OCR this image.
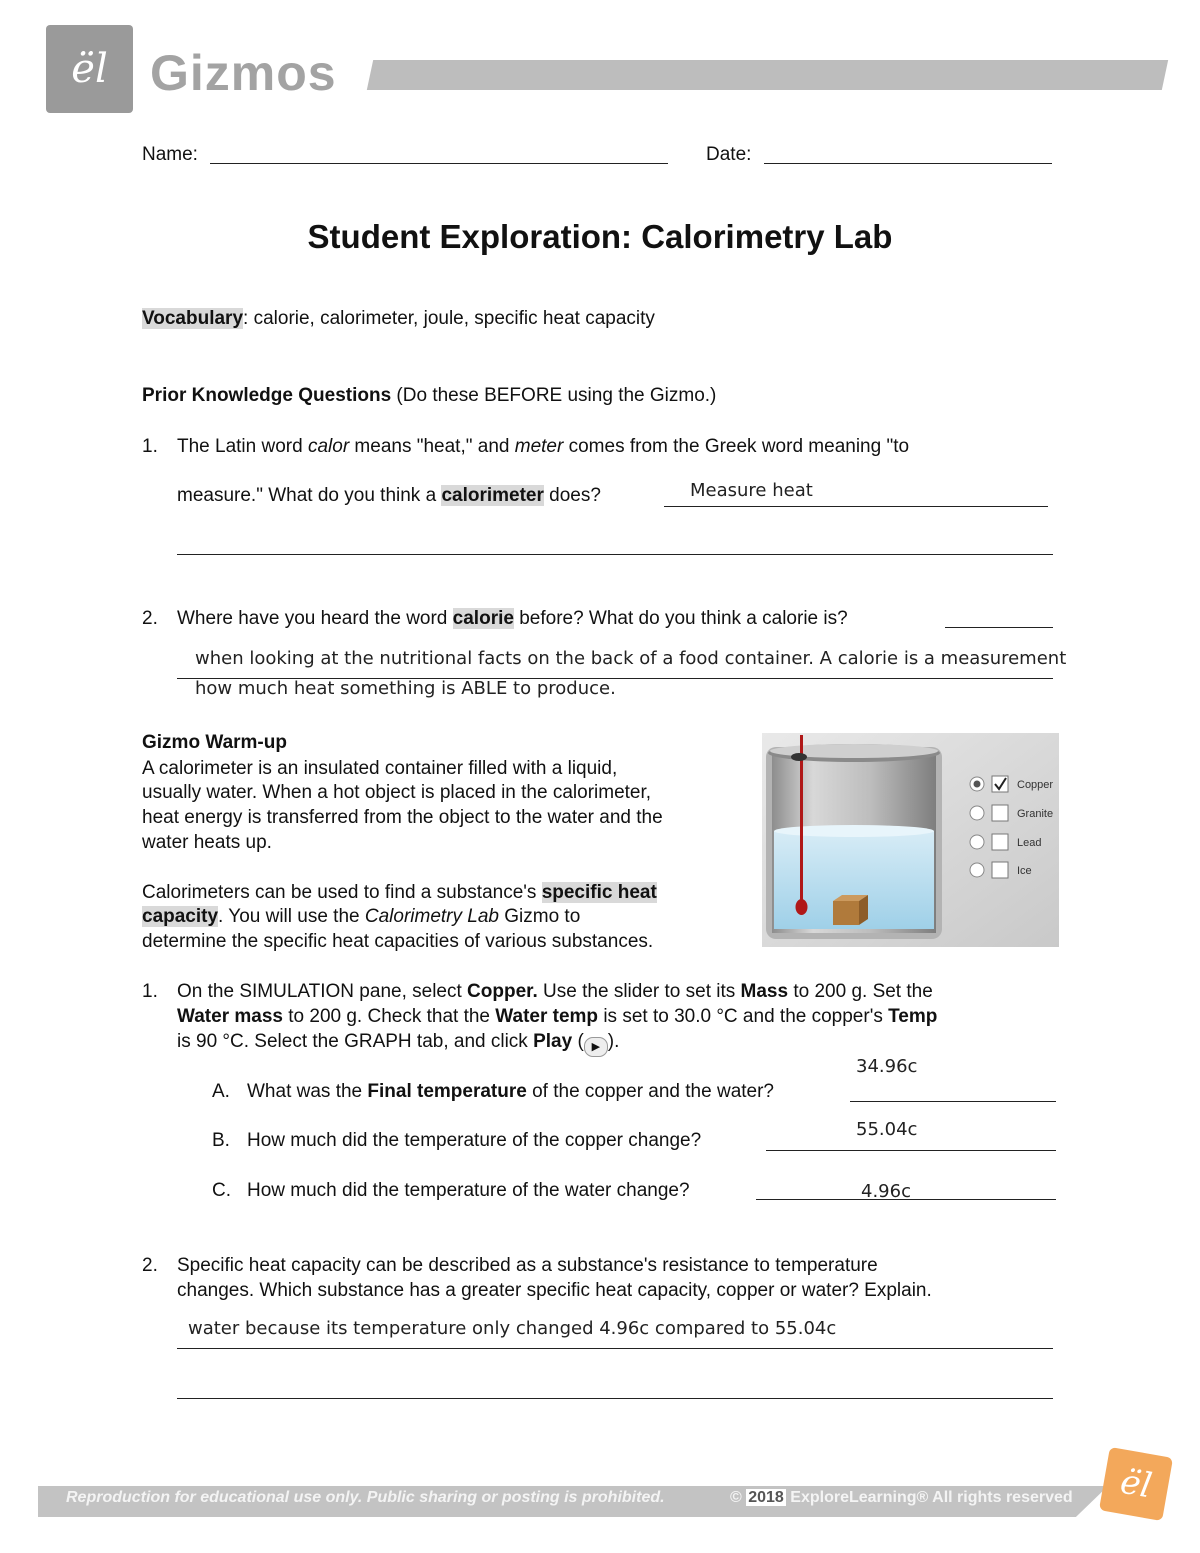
ël Gizmos
Name:	Date:
Student Exploration: Calorimetry Lab
Vocabulary: calorie, calorimeter, joule, specific heat capacity
Prior Knowledge Questions (Do these BEFORE using the Gizmo.)
1. The Latin word calor means "heat," and meter comes from the Greek word meaning "to
measure." What do you think a calorimeter does?	Measure heat
2. Where have you heard the word calorie before? What do you think a calorie is?
when looking at the nutritional facts on the back of a food container. A calorie is a measurement
how much heat something is ABLE to produce.
Gizmo Warm-up
A calorimeter is an insulated container filled with a liquid,
usually water. When a hot object is placed in the calorimeter,
heat energy is transferred from the object to the water and the
water heats up.
Calorimeters can be used to find a substance's specific heat
capacity. You will use the Calorimetry Lab Gizmo to
determine the specific heat capacities of various substances.
Copper
Granite
Lead
Ice
1. On the SIMULATION pane, select Copper. Use the slider to set its Mass to 200 g. Set the
Water mass to 200 g. Check that the Water temp is set to 30.0 °C and the copper's Temp
is 90 °C. Select the GRAPH tab, and click Play ( ▶ ).
A. What was the Final temperature of the copper and the water?
34.96c
B. How much did the temperature of the copper change?
55.04c
C. How much did the temperature of the water change?	4.96c
2. Specific heat capacity can be described as a substance's resistance to temperature
changes. Which substance has a greater specific heat capacity, copper or water? Explain.
water because its temperature only changed 4.96c compared to 55.04c
Reproduction for educational use only. Public sharing or posting is prohibited.	© 2018 ExploreLearning® All rights reserved ël
